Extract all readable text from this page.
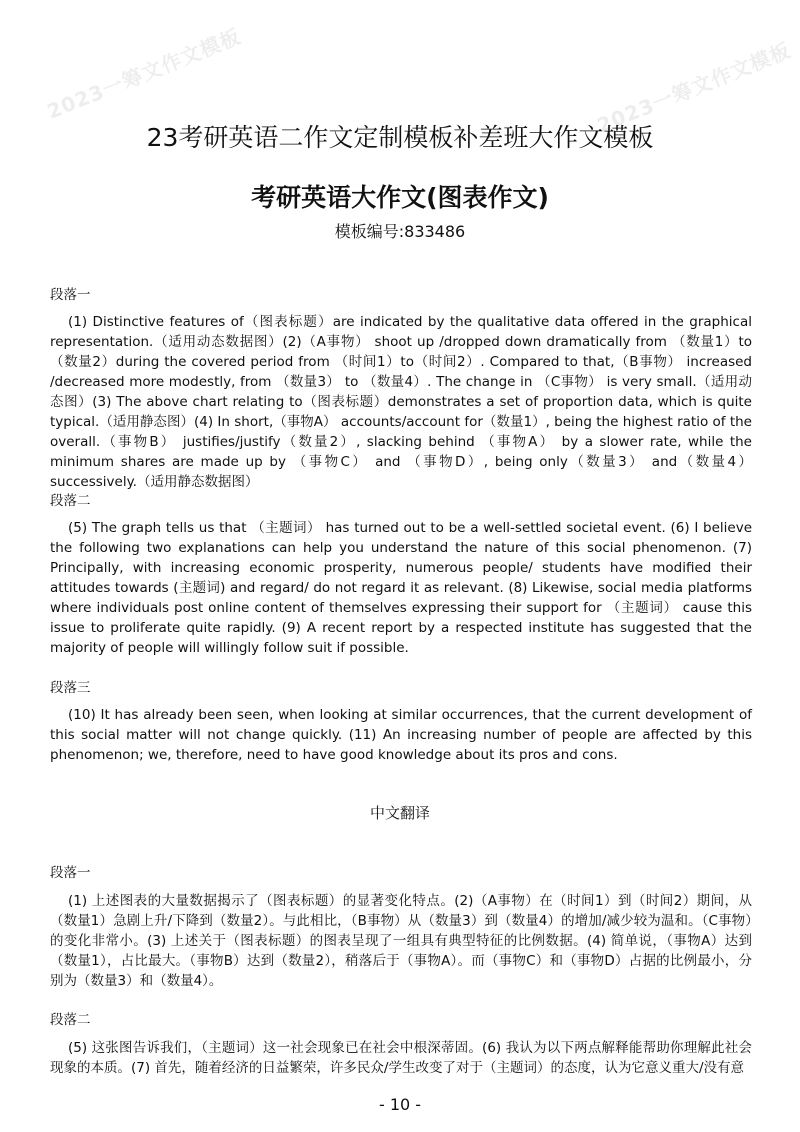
2023一筹文作文模板	2023一筹文作文模板
23考研英语二作文定制模板补差班大作文模板
考研英语大作文(图表作文)
模板编号:833486
段落一

(1) Distinctive features of（图表标题）are indicated by the qualitative data offered in the graphical representation.（适用动态数据图）(2)（A事物） shoot up /dropped down dramatically from （数量1）to（数量2）during the covered period from （时间1）to（时间2）. Compared to that,（B事物） increased /decreased more modestly, from （数量3） to （数量4）. The change in （C事物） is very small.（适用动态图）(3) The above chart relating to（图表标题）demonstrates a set of proportion data, which is quite typical.（适用静态图）(4) In short,（事物A） accounts/account for（数量1）, being the highest ratio of the overall.（事物B） justifies/justify（数量2）, slacking behind （事物A） by a slower rate, while the minimum shares are made up by （事物C） and （事物D）, being only（数量3） and（数量4） successively.（适用静态数据图）

段落二

(5) The graph tells us that （主题词） has turned out to be a well-settled societal event. (6) I believe the following two explanations can help you understand the nature of this social phenomenon. (7) Principally, with increasing economic prosperity, numerous people/ students have modified their attitudes towards (主题词) and regard/ do not regard it as relevant. (8) Likewise, social media platforms where individuals post online content of themselves expressing their support for （主题词） cause this issue to proliferate quite rapidly. (9) A recent report by a respected institute has suggested that the majority of people will willingly follow suit if possible.

段落三

(10) It has already been seen, when looking at similar occurrences, that the current development of this social matter will not change quickly. (11) An increasing number of people are affected by this phenomenon; we, therefore, need to have good knowledge about its pros and cons.

中文翻译
段落一

(1) 上述图表的大量数据揭示了（图表标题）的显著变化特点。(2)（A事物）在（时间1）到（时间2）期间，从（数量1）急剧上升/下降到（数量2）。与此相比，（B事物）从（数量3）到（数量4）的增加/减少较为温和。（C事物）的变化非常小。(3) 上述关于（图表标题）的图表呈现了一组具有典型特征的比例数据。(4) 简单说，（事物A）达到（数量1），占比最大。（事物B）达到（数量2），稍落后于（事物A）。而（事物C）和（事物D）占据的比例最小，分别为（数量3）和（数量4）。

段落二

(5) 这张图告诉我们，（主题词）这一社会现象已在社会中根深蒂固。(6) 我认为以下两点解释能帮助你理解此社会现象的本质。(7) 首先，随着经济的日益繁荣，许多民众/学生改变了对于（主题词）的态度，认为它意义重大/没有意

- 10 -
